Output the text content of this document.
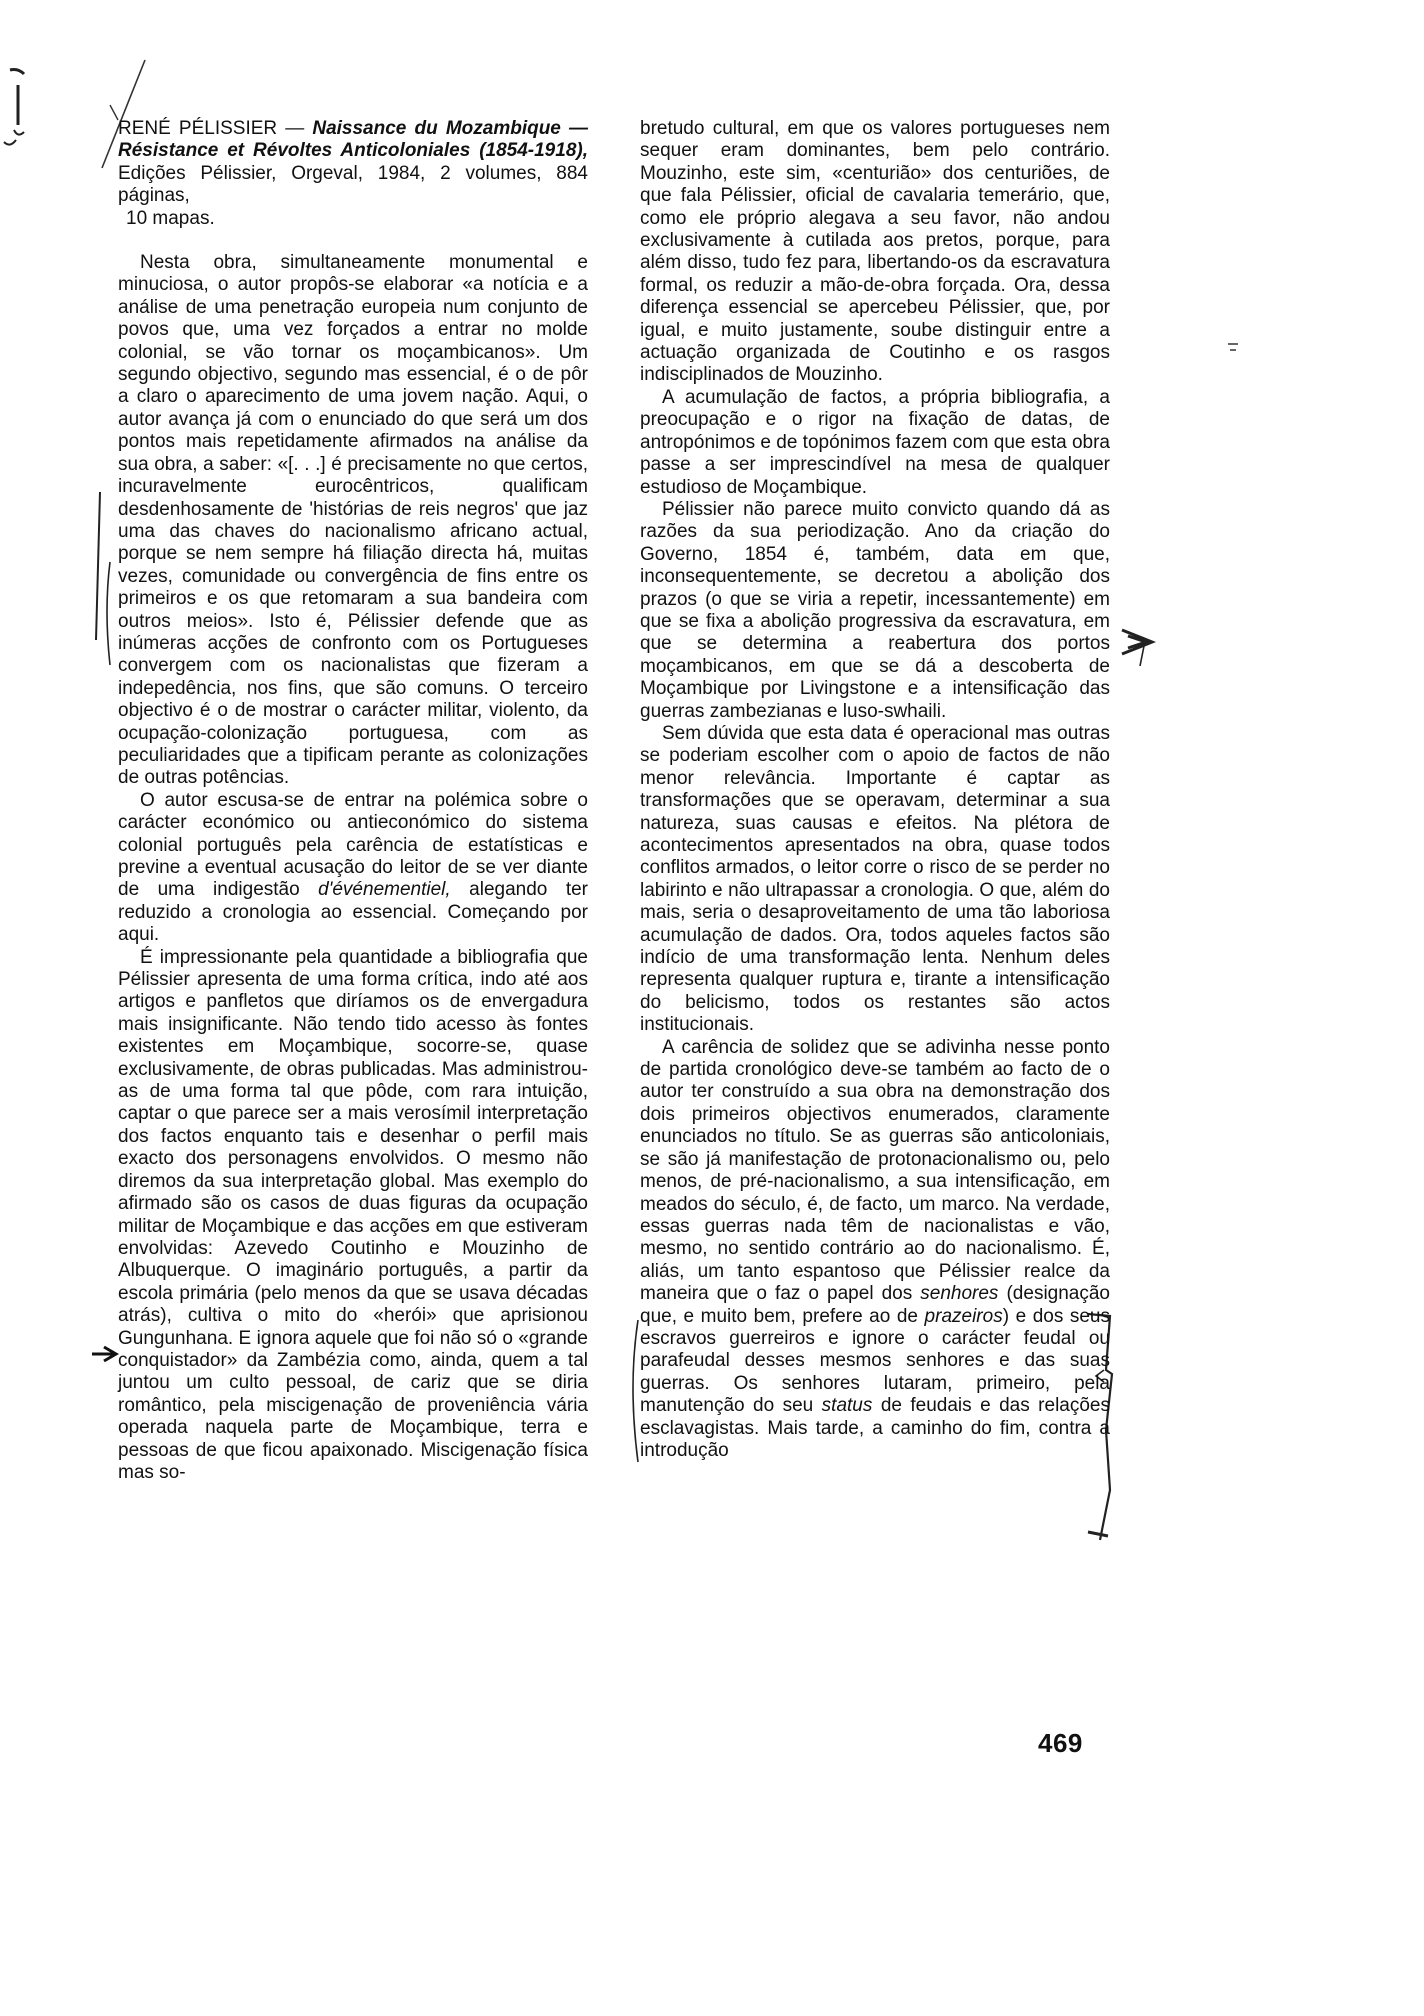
RENÉ PÉLISSIER — Naissance du Mozambique — Résistance et Révoltes Anticoloniales (1854-1918), Edições Pélissier, Orgeval, 1984, 2 volumes, 884 páginas,
10 mapas.

Nesta obra, simultaneamente monumental e minuciosa, o autor propôs-se elaborar «a notícia e a análise de uma penetração europeia num conjunto de povos que, uma vez forçados a entrar no molde colonial, se vão tornar os moçambicanos». Um segundo objectivo, segundo mas essencial, é o de pôr a claro o aparecimento de uma jovem nação. Aqui, o autor avança já com o enunciado do que será um dos pontos mais repetidamente afirmados na análise da sua obra, a saber: «[. . .] é precisamente no que certos, incuravelmente eurocêntricos, qualificam desdenhosamente de 'histórias de reis negros' que jaz uma das chaves do nacionalismo africano actual, porque se nem sempre há filiação directa há, muitas vezes, comunidade ou convergência de fins entre os primeiros e os que retomaram a sua bandeira com outros meios». Isto é, Pélissier defende que as inúmeras acções de confronto com os Portugueses convergem com os nacionalistas que fizeram a indepedência, nos fins, que são comuns. O terceiro objectivo é o de mostrar o carácter militar, violento, da ocupação-colonização portuguesa, com as peculiaridades que a tipificam perante as colonizações de outras potências.

O autor escusa-se de entrar na polémica sobre o carácter económico ou antieconómico do sistema colonial português pela carência de estatísticas e previne a eventual acusação do leitor de se ver diante de uma indigestão d'événementiel, alegando ter reduzido a cronologia ao essencial. Começando por aqui.

É impressionante pela quantidade a bibliografia que Pélissier apresenta de uma forma crítica, indo até aos artigos e panfletos que diríamos os de envergadura mais insignificante. Não tendo tido acesso às fontes existentes em Moçambique, socorre-se, quase exclusivamente, de obras publicadas. Mas administrou-as de uma forma tal que pôde, com rara intuição, captar o que parece ser a mais verosímil interpretação dos factos enquanto tais e desenhar o perfil mais exacto dos personagens envolvidos. O mesmo não diremos da sua interpretação global. Mas exemplo do afirmado são os casos de duas figuras da ocupação militar de Moçambique e das acções em que estiveram envolvidas: Azevedo Coutinho e Mouzinho de Albuquerque. O imaginário português, a partir da escola primária (pelo menos da que se usava décadas atrás), cultiva o mito do «herói» que aprisionou Gungunhana. E ignora aquele que foi não só o «grande conquistador» da Zambézia como, ainda, quem a tal juntou um culto pessoal, de cariz que se diria romântico, pela miscigenação de proveniência vária operada naquela parte de Moçambique, terra e pessoas de que ficou apaixonado. Miscigenação física mas so-

bretudo cultural, em que os valores portugueses nem sequer eram dominantes, bem pelo contrário. Mouzinho, este sim, «centurião» dos centuriões, de que fala Pélissier, oficial de cavalaria temerário, que, como ele próprio alegava a seu favor, não andou exclusivamente à cutilada aos pretos, porque, para além disso, tudo fez para, libertando-os da escravatura formal, os reduzir a mão-de-obra forçada. Ora, dessa diferença essencial se apercebeu Pélissier, que, por igual, e muito justamente, soube distinguir entre a actuação organizada de Coutinho e os rasgos indisciplinados de Mouzinho.

A acumulação de factos, a própria bibliografia, a preocupação e o rigor na fixação de datas, de antropónimos e de topónimos fazem com que esta obra passe a ser imprescindível na mesa de qualquer estudioso de Moçambique.

Pélissier não parece muito convicto quando dá as razões da sua periodização. Ano da criação do Governo, 1854 é, também, data em que, inconsequentemente, se decretou a abolição dos prazos (o que se viria a repetir, incessantemente) em que se fixa a abolição progressiva da escravatura, em que se determina a reabertura dos portos moçambicanos, em que se dá a descoberta de Moçambique por Livingstone e a intensificação das guerras zambezianas e luso-swhaili.

Sem dúvida que esta data é operacional mas outras se poderiam escolher com o apoio de factos de não menor relevância. Importante é captar as transformações que se operavam, determinar a sua natureza, suas causas e efeitos. Na plétora de acontecimentos apresentados na obra, quase todos conflitos armados, o leitor corre o risco de se perder no labirinto e não ultrapassar a cronologia. O que, além do mais, seria o desaproveitamento de uma tão laboriosa acumulação de dados. Ora, todos aqueles factos são indício de uma transformação lenta. Nenhum deles representa qualquer ruptura e, tirante a intensificação do belicismo, todos os restantes são actos institucionais.

A carência de solidez que se adivinha nesse ponto de partida cronológico deve-se também ao facto de o autor ter construído a sua obra na demonstração dos dois primeiros objectivos enumerados, claramente enunciados no título. Se as guerras são anticoloniais, se são já manifestação de protonacionalismo ou, pelo menos, de pré-nacionalismo, a sua intensificação, em meados do século, é, de facto, um marco. Na verdade, essas guerras nada têm de nacionalistas e vão, mesmo, no sentido contrário ao do nacionalismo. É, aliás, um tanto espantoso que Pélissier realce da maneira que o faz o papel dos senhores (designação que, e muito bem, prefere ao de prazeiros) e dos seus escravos guerreiros e ignore o carácter feudal ou parafeudal desses mesmos senhores e das suas guerras. Os senhores lutaram, primeiro, pela manutenção do seu status de feudais e das relações esclavagistas. Mais tarde, a caminho do fim, contra a introdução

469
